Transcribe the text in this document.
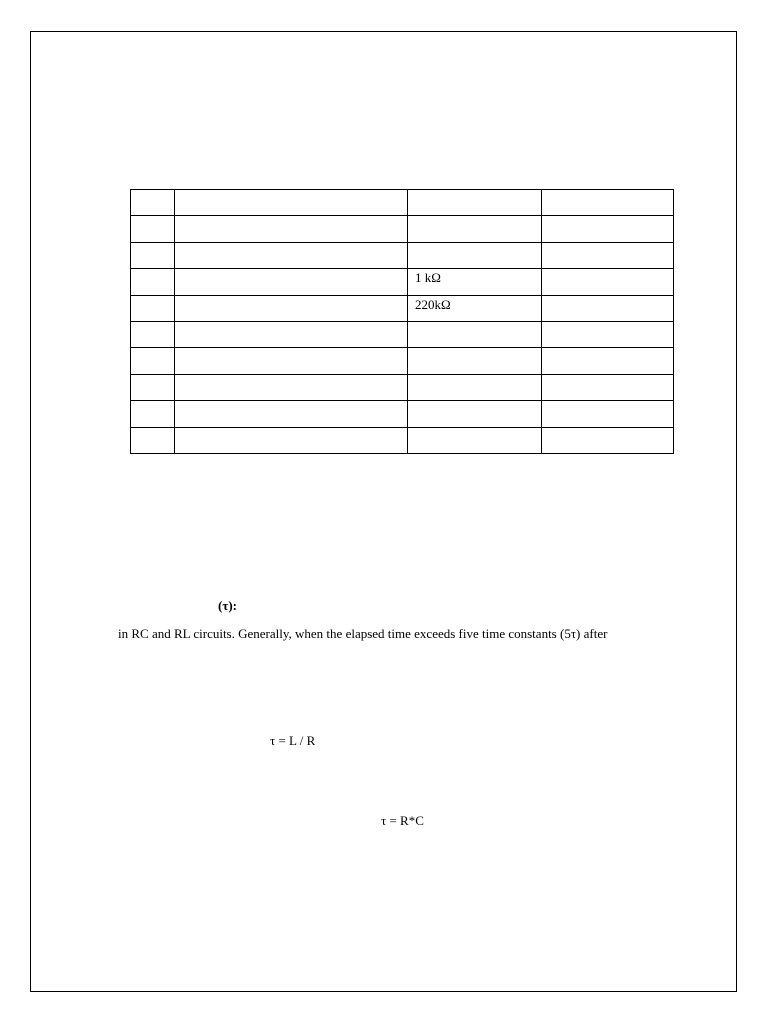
		1 kΩ	

		220kΩ	

(τ):
in RC and RL circuits. Generally, when the elapsed time exceeds five time constants (5τ) after
τ = L / R
τ = R*C
